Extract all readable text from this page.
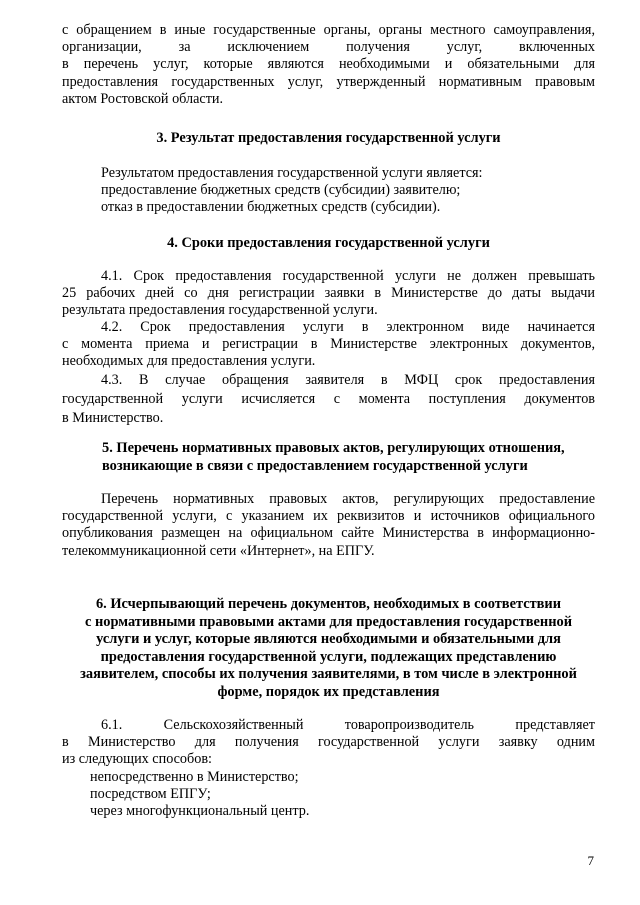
с обращением в иные государственные органы, органы местного самоуправления,
организации, за исключением получения услуг, включенных
в перечень услуг, которые являются необходимыми и обязательными для
предоставления государственных услуг, утвержденный нормативным правовым
актом Ростовской области.
3. Результат предоставления государственной услуги
Результатом предоставления государственной услуги является:
предоставление бюджетных средств (субсидии) заявителю;
отказ в предоставлении бюджетных средств (субсидии).
4. Сроки предоставления государственной услуги
4.1. Срок предоставления государственной услуги не должен превышать
25 рабочих дней со дня регистрации заявки в Министерстве до даты выдачи
результата предоставления государственной услуги.
4.2. Срок предоставления услуги в электронном виде начинается
с момента приема и регистрации в Министерстве электронных документов,
необходимых для предоставления услуги.
4.3. В случае обращения заявителя в МФЦ срок предоставления
государственной услуги исчисляется с момента поступления документов
в Министерство.
5. Перечень нормативных правовых актов, регулирующих отношения,
возникающие в связи с предоставлением государственной услуги
Перечень нормативных правовых актов, регулирующих предоставление
государственной услуги, с указанием их реквизитов и источников официального
опубликования размещен на официальном сайте Министерства в информационно-
телекоммуникационной сети «Интернет», на ЕПГУ.
6. Исчерпывающий перечень документов, необходимых в соответствии
с нормативными правовыми актами для предоставления государственной
услуги и услуг, которые являются необходимыми и обязательными для
предоставления государственной услуги, подлежащих представлению
заявителем, способы их получения заявителями, в том числе в электронной
форме, порядок их представления
6.1. Сельскохозяйственный товаропроизводитель представляет
в Министерство для получения государственной услуги заявку одним
из следующих способов:
непосредственно в Министерство;
посредством ЕПГУ;
через многофункциональный центр.
7
